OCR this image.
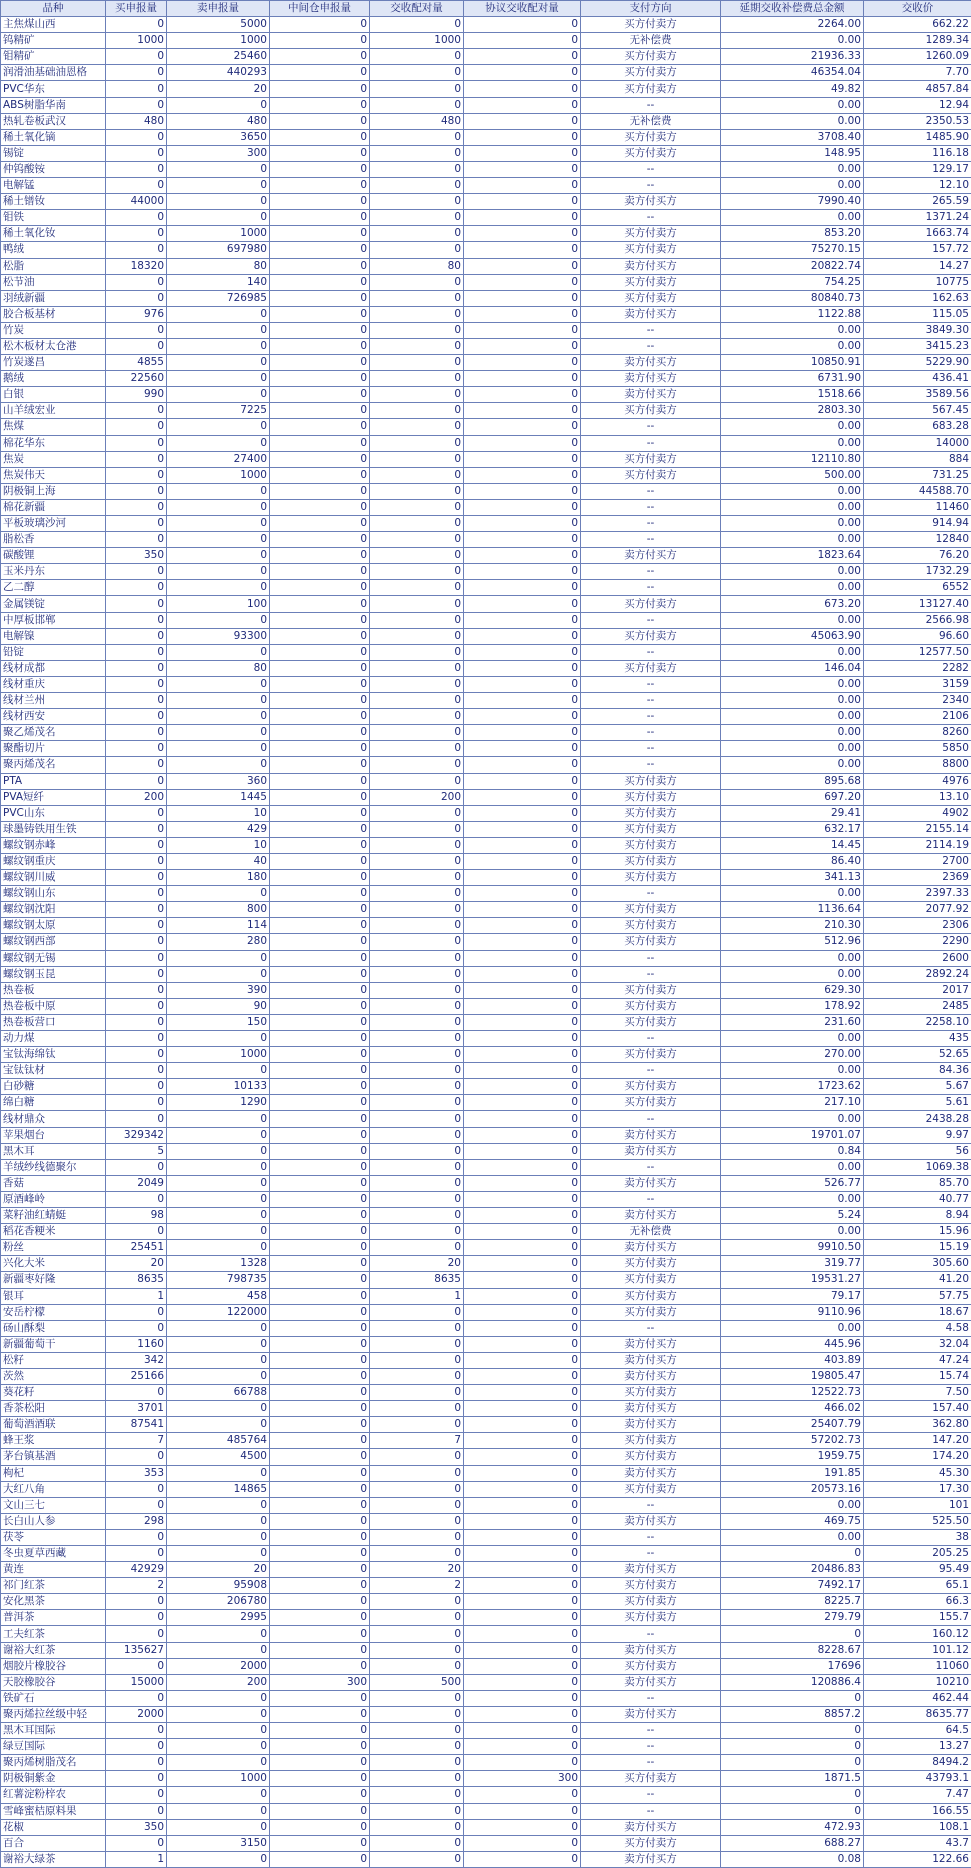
品种	买申报量	卖申报量	中间仓申报量	交收配对量	协议交收配对量	支付方向	延期交收补偿费总金额	交收价
主焦煤山西	0	5000	0	0	0	买方付卖方	2264.00	662.22
钨精矿	1000	1000	0	1000	0	无补偿费	0.00	1289.34
钼精矿	0	25460	0	0	0	买方付卖方	21936.33	1260.09
润滑油基础油恩格	0	440293	0	0	0	买方付卖方	46354.04	7.70
PVC华东	0	20	0	0	0	买方付卖方	49.82	4857.84
ABS树脂华南	0	0	0	0	0	--	0.00	12.94
热轧卷板武汉	480	480	0	480	0	无补偿费	0.00	2350.53
稀土氧化镝	0	3650	0	0	0	买方付卖方	3708.40	1485.90
锡锭	0	300	0	0	0	买方付卖方	148.95	116.18
仲钨酸铵	0	0	0	0	0	--	0.00	129.17
电解锰	0	0	0	0	0	--	0.00	12.10
稀土镨钕	44000	0	0	0	0	卖方付买方	7990.40	265.59
钼铁	0	0	0	0	0	--	0.00	1371.24
稀土氧化钕	0	1000	0	0	0	买方付卖方	853.20	1663.74
鸭绒	0	697980	0	0	0	买方付卖方	75270.15	157.72
松脂	18320	80	0	80	0	卖方付买方	20822.74	14.27
松节油	0	140	0	0	0	买方付卖方	754.25	10775
羽绒新疆	0	726985	0	0	0	买方付卖方	80840.73	162.63
胶合板基材	976	0	0	0	0	卖方付买方	1122.88	115.05
竹炭	0	0	0	0	0	--	0.00	3849.30
松木板材太仓港	0	0	0	0	0	--	0.00	3415.23
竹炭遂昌	4855	0	0	0	0	卖方付买方	10850.91	5229.90
鹅绒	22560	0	0	0	0	卖方付买方	6731.90	436.41
白银	990	0	0	0	0	卖方付买方	1518.66	3589.56
山羊绒宏业	0	7225	0	0	0	买方付卖方	2803.30	567.45
焦煤	0	0	0	0	0	--	0.00	683.28
棉花华东	0	0	0	0	0	--	0.00	14000
焦炭	0	27400	0	0	0	买方付卖方	12110.80	884
焦炭伟天	0	1000	0	0	0	买方付卖方	500.00	731.25
阴极铜上海	0	0	0	0	0	--	0.00	44588.70
棉花新疆	0	0	0	0	0	--	0.00	11460
平板玻璃沙河	0	0	0	0	0	--	0.00	914.94
脂松香	0	0	0	0	0	--	0.00	12840
碳酸锂	350	0	0	0	0	卖方付买方	1823.64	76.20
玉米丹东	0	0	0	0	0	--	0.00	1732.29
乙二醇	0	0	0	0	0	--	0.00	6552
金属镁锭	0	100	0	0	0	买方付卖方	673.20	13127.40
中厚板邯郸	0	0	0	0	0	--	0.00	2566.98
电解镍	0	93300	0	0	0	买方付卖方	45063.90	96.60
铅锭	0	0	0	0	0	--	0.00	12577.50
线材成都	0	80	0	0	0	买方付卖方	146.04	2282
线材重庆	0	0	0	0	0	--	0.00	3159
线材兰州	0	0	0	0	0	--	0.00	2340
线材西安	0	0	0	0	0	--	0.00	2106
聚乙烯茂名	0	0	0	0	0	--	0.00	8260
聚酯切片	0	0	0	0	0	--	0.00	5850
聚丙烯茂名	0	0	0	0	0	--	0.00	8800
PTA	0	360	0	0	0	买方付卖方	895.68	4976
PVA短纤	200	1445	0	200	0	买方付卖方	697.20	13.10
PVC山东	0	10	0	0	0	买方付卖方	29.41	4902
球墨铸铁用生铁	0	429	0	0	0	买方付卖方	632.17	2155.14
螺纹钢赤峰	0	10	0	0	0	买方付卖方	14.45	2114.19
螺纹钢重庆	0	40	0	0	0	买方付卖方	86.40	2700
螺纹钢川威	0	180	0	0	0	买方付卖方	341.13	2369
螺纹钢山东	0	0	0	0	0	--	0.00	2397.33
螺纹钢沈阳	0	800	0	0	0	买方付卖方	1136.64	2077.92
螺纹钢太原	0	114	0	0	0	买方付卖方	210.30	2306
螺纹钢西部	0	280	0	0	0	买方付卖方	512.96	2290
螺纹钢无锡	0	0	0	0	0	--	0.00	2600
螺纹钢玉昆	0	0	0	0	0	--	0.00	2892.24
热卷板	0	390	0	0	0	买方付卖方	629.30	2017
热卷板中原	0	90	0	0	0	买方付卖方	178.92	2485
热卷板营口	0	150	0	0	0	买方付卖方	231.60	2258.10
动力煤	0	0	0	0	0	--	0.00	435
宝钛海绵钛	0	1000	0	0	0	买方付卖方	270.00	52.65
宝钛钛材	0	0	0	0	0	--	0.00	84.36
白砂糖	0	10133	0	0	0	买方付卖方	1723.62	5.67
绵白糖	0	1290	0	0	0	买方付卖方	217.10	5.61
线材鼎众	0	0	0	0	0	--	0.00	2438.28
苹果烟台	329342	0	0	0	0	卖方付买方	19701.07	9.97
黑木耳	5	0	0	0	0	卖方付买方	0.84	56
羊绒纱线德聚尔	0	0	0	0	0	--	0.00	1069.38
香菇	2049	0	0	0	0	卖方付买方	526.77	85.70
原酒峰岭	0	0	0	0	0	--	0.00	40.77
菜籽油红蜻蜓	98	0	0	0	0	卖方付买方	5.24	8.94
稻花香粳米	0	0	0	0	0	无补偿费	0.00	15.96
粉丝	25451	0	0	0	0	卖方付买方	9910.50	15.19
兴化大米	20	1328	0	20	0	买方付卖方	319.77	305.60
新疆枣好隆	8635	798735	0	8635	0	买方付卖方	19531.27	41.20
银耳	1	458	0	1	0	买方付卖方	79.17	57.75
安岳柠檬	0	122000	0	0	0	买方付卖方	9110.96	18.67
砀山酥梨	0	0	0	0	0	--	0.00	4.58
新疆葡萄干	1160	0	0	0	0	卖方付买方	445.96	32.04
松籽	342	0	0	0	0	卖方付买方	403.89	47.24
茨然	25166	0	0	0	0	卖方付买方	19805.47	15.74
葵花籽	0	66788	0	0	0	买方付卖方	12522.73	7.50
香茶松阳	3701	0	0	0	0	卖方付买方	466.02	157.40
葡萄酒酒联	87541	0	0	0	0	卖方付买方	25407.79	362.80
蜂王浆	7	485764	0	7	0	买方付卖方	57202.73	147.20
茅台镇基酒	0	4500	0	0	0	买方付卖方	1959.75	174.20
枸杞	353	0	0	0	0	卖方付买方	191.85	45.30
大红八角	0	14865	0	0	0	买方付卖方	20573.16	17.30
文山三七	0	0	0	0	0	--	0.00	101
长白山人参	298	0	0	0	0	卖方付买方	469.75	525.50
茯苓	0	0	0	0	0	--	0.00	38
冬虫夏草西藏	0	0	0	0	0	--	0	205.25
黄连	42929	20	0	20	0	卖方付买方	20486.83	95.49
祁门红茶	2	95908	0	2	0	买方付卖方	7492.17	65.1
安化黑茶	0	206780	0	0	0	买方付卖方	8225.7	66.3
普洱茶	0	2995	0	0	0	买方付卖方	279.79	155.7
工夫红茶	0	0	0	0	0	--	0	160.12
谢裕大红茶	135627	0	0	0	0	卖方付买方	8228.67	101.12
烟胶片橡胶谷	0	2000	0	0	0	买方付卖方	17696	11060
天胶橡胶谷	15000	200	300	500	0	卖方付买方	120886.4	10210
铁矿石	0	0	0	0	0	--	0	462.44
聚丙烯拉丝级中轻	2000	0	0	0	0	卖方付买方	8857.2	8635.77
黑木耳国际	0	0	0	0	0	--	0	64.5
绿豆国际	0	0	0	0	0	--	0	13.27
聚丙烯树脂茂名	0	0	0	0	0	--	0	8494.2
阴极铜紫金	0	1000	0	0	300	买方付卖方	1871.5	43793.1
红薯淀粉梓农	0	0	0	0	0	--	0	7.47
雪峰蜜桔原料果	0	0	0	0	0	--	0	166.55
花椒	350	0	0	0	0	卖方付买方	472.93	108.1
百合	0	3150	0	0	0	买方付卖方	688.27	43.7
谢裕大绿茶	1	0	0	0	0	卖方付买方	0.08	122.66
